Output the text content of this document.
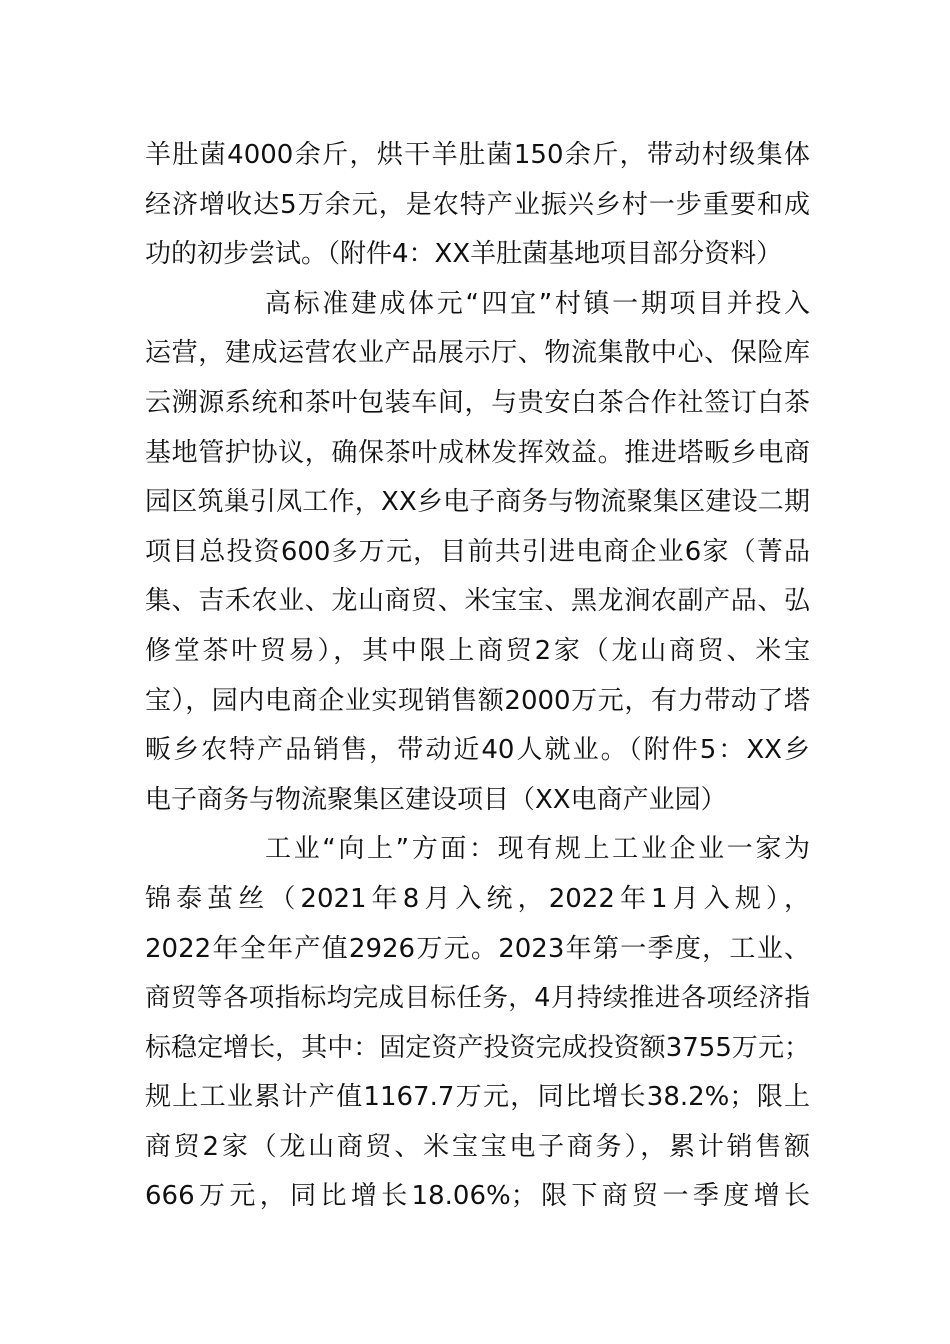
羊肚菌4000余斤，烘干羊肚菌150余斤，带动村级集体
经济增收达5万余元，是农特产业振兴乡村一步重要和成
功的初步尝试。（附件4：XX羊肚菌基地项目部分资料）
高标准建成体元“四宜”村镇一期项目并投入
运营，建成运营农业产品展示厅、物流集散中心、保险库
云溯源系统和茶叶包装车间，与贵安白茶合作社签订白茶
基地管护协议，确保茶叶成林发挥效益。推进塔畈乡电商
园区筑巢引凤工作，XX乡电子商务与物流聚集区建设二期
项目总投资600多万元，目前共引进电商企业6家（菁品
集、吉禾农业、龙山商贸、米宝宝、黑龙涧农副产品、弘
修堂茶叶贸易），其中限上商贸2家（龙山商贸、米宝
宝），园内电商企业实现销售额2000万元，有力带动了塔
畈乡农特产品销售，带动近40人就业。（附件5：XX乡
电子商务与物流聚集区建设项目（XX电商产业园）
工业“向上”方面：现有规上工业企业一家为
锦泰茧丝（2021年8月入统，2022年1月入规），
2022年全年产值2926万元。2023年第一季度，工业、
商贸等各项指标均完成目标任务，4月持续推进各项经济指
标稳定增长，其中：固定资产投资完成投资额3755万元；
规上工业累计产值1167.7万元，同比增长38.2%；限上
商贸2家（龙山商贸、米宝宝电子商务），累计销售额
666万元，同比增长18.06%；限下商贸一季度增长
